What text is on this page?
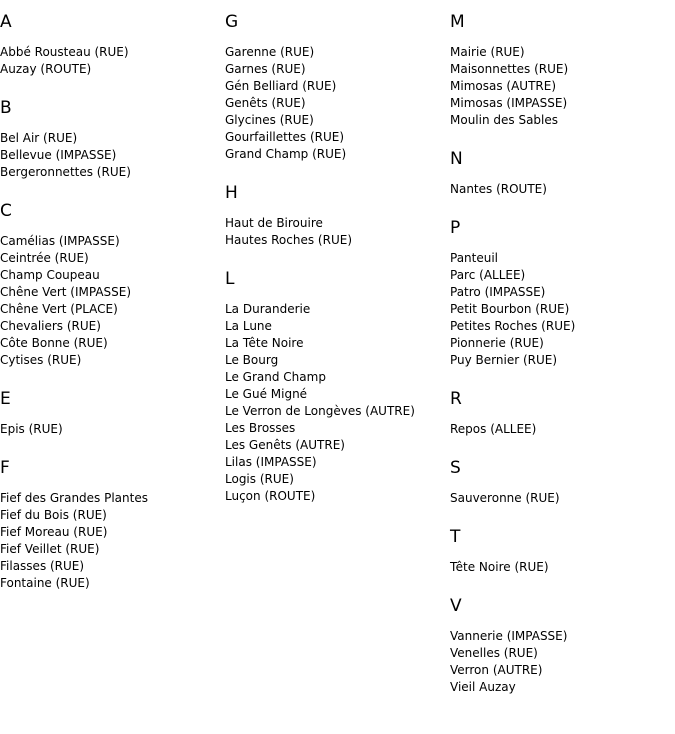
A
Abbé Rousteau (RUE)
Auzay (ROUTE)
B
Bel Air (RUE)
Bellevue (IMPASSE)
Bergeronnettes (RUE)
C
Camélias (IMPASSE)
Ceintrée (RUE)
Champ Coupeau
Chêne Vert (IMPASSE)
Chêne Vert (PLACE)
Chevaliers (RUE)
Côte Bonne (RUE)
Cytises (RUE)
E
Epis (RUE)
F
Fief des Grandes Plantes
Fief du Bois (RUE)
Fief Moreau (RUE)
Fief Veillet (RUE)
Filasses (RUE)
Fontaine (RUE)
G
Garenne (RUE)
Garnes (RUE)
Gén Belliard (RUE)
Genêts (RUE)
Glycines (RUE)
Gourfaillettes (RUE)
Grand Champ (RUE)
H
Haut de Birouire
Hautes Roches (RUE)
L
La Duranderie
La Lune
La Tête Noire
Le Bourg
Le Grand Champ
Le Gué Migné
Le Verron de Longèves (AUTRE)
Les Brosses
Les Genêts (AUTRE)
Lilas (IMPASSE)
Logis (RUE)
Luçon (ROUTE)
M
Mairie (RUE)
Maisonnettes (RUE)
Mimosas (AUTRE)
Mimosas (IMPASSE)
Moulin des Sables
N
Nantes (ROUTE)
P
Panteuil
Parc (ALLEE)
Patro (IMPASSE)
Petit Bourbon (RUE)
Petites Roches (RUE)
Pionnerie (RUE)
Puy Bernier (RUE)
R
Repos (ALLEE)
S
Sauveronne (RUE)
T
Tête Noire (RUE)
V
Vannerie (IMPASSE)
Venelles (RUE)
Verron (AUTRE)
Vieil Auzay
